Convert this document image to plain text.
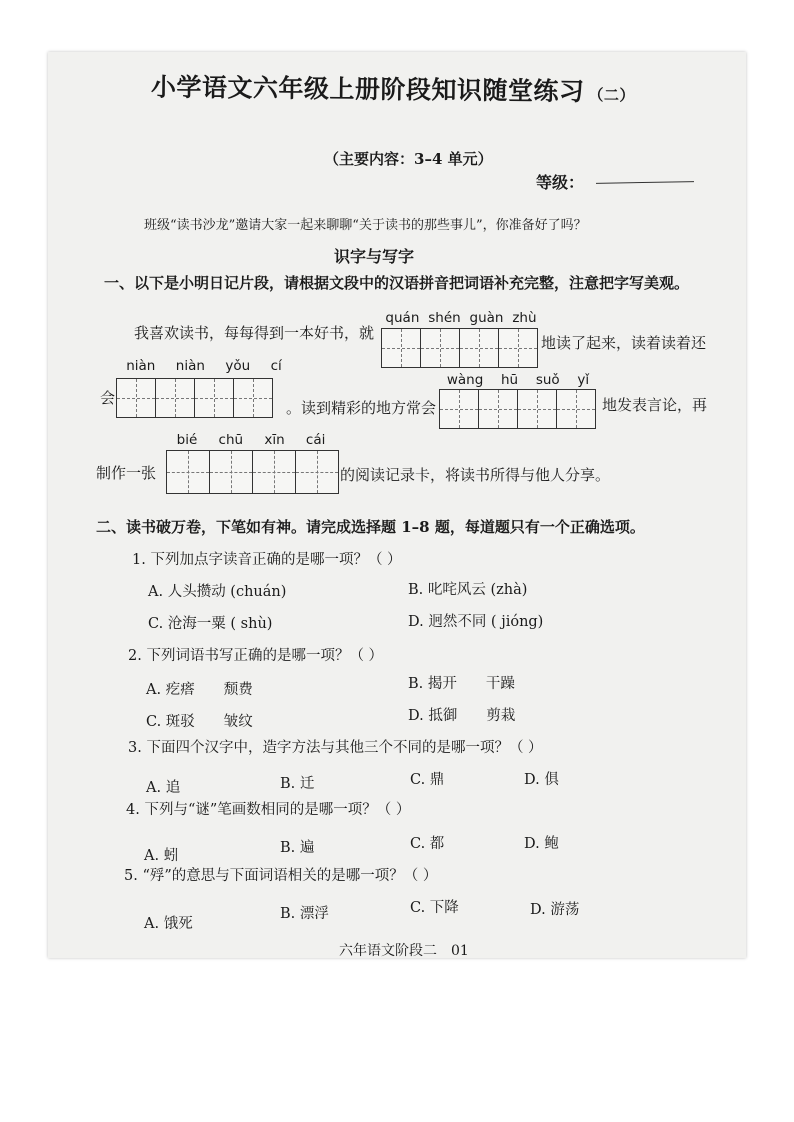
小学语文六年级上册阶段知识随堂练习 （二）
（主要内容：3–4 单元）
等级：
班级“读书沙龙”邀请大家一起来聊聊“关于读书的那些事儿”，你准备好了吗？
识字与写字
一、以下是小明日记片段，请根据文段中的汉语拼音把词语补充完整，注意把字写美观。
我喜欢读书，每每得到一本好书，就
quán shén guàn zhù
地读了起来，读着读着还
会
niàn niàn yǒu cí
。读到精彩的地方常会
wàng hū suǒ yǐ
地发表言论，再
制作一张
bié chū xīn cái
的阅读记录卡，将读书所得与他人分享。
二、读书破万卷，下笔如有神。请完成选择题 1–8 题，每道题只有一个正确选项。
1. 下列加点字读音正确的是哪一项？（ ）
A. 人头攒动 (chuán)	B. 叱咤风云 (zhà)
C. 沧海一粟 ( shù)	D. 迥然不同 ( jióng)
2. 下列词语书写正确的是哪一项？（ ）
A. 疙瘩　　颓费	B. 揭开　　干躁
C. 斑驳　　皱纹	D. 抵御　　剪栽
3. 下面四个汉字中，造字方法与其他三个不同的是哪一项？（ ）
A. 追	B. 迁	C. 鼎	D. 俱
4. 下列与“谜”笔画数相同的是哪一项？（ ）
A. 蚓	B. 遍	C. 都	D. 鲍
5. “殍”的意思与下面词语相关的是哪一项？（ ）
A. 饿死
B. 漂浮	C. 下降	D. 游荡
六年语文阶段二　01
